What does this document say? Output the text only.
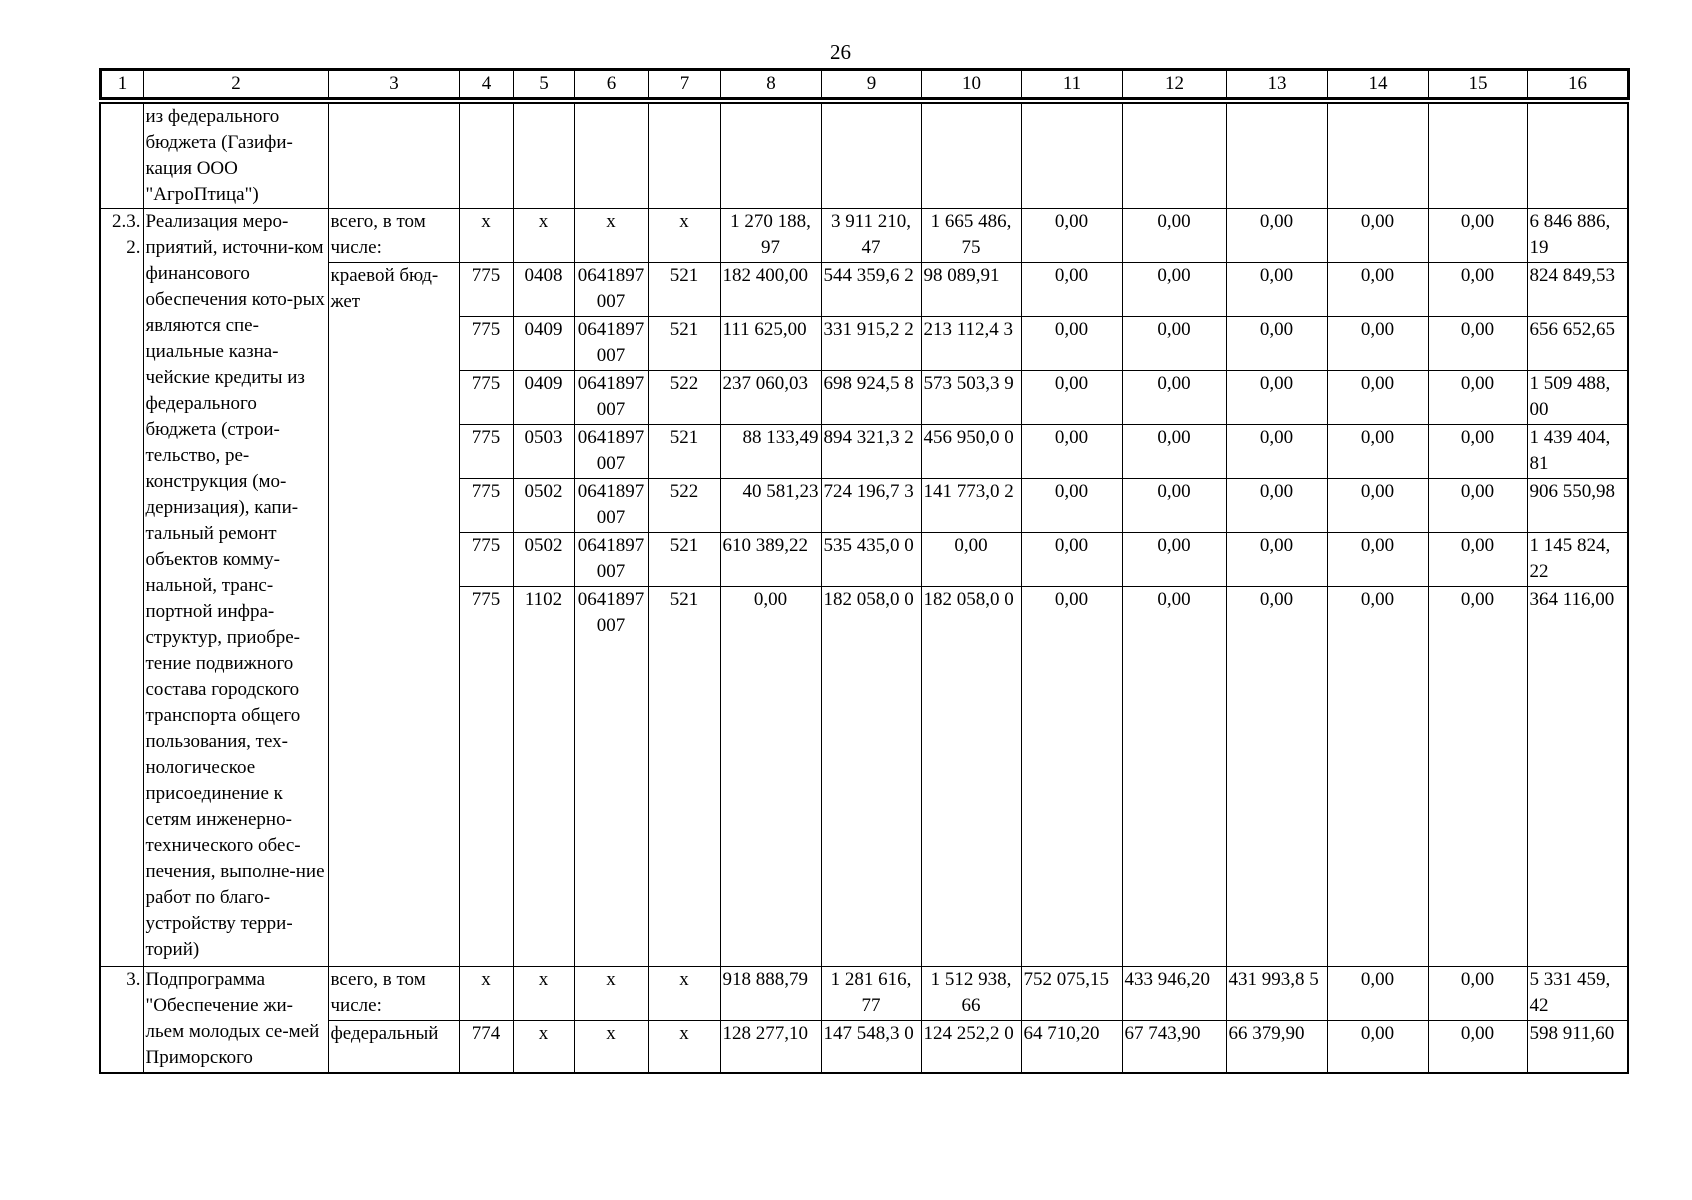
26
1	2	3	4	5	6	7	8	9	10	11	12	13	14	15	16
	из федерального бюджета (Газифи-кация ООО "АгроПтица")														
2.3. 2.	Реализация меро-приятий, источни-ком финансового обеспечения кото-рых являются спе-циальные казна-чейские кредиты из федерального бюджета (строи-тельство, ре-конструкция (мо-дернизация), капи-тальный ремонт объектов комму-нальной, транс-портной инфра-структур, приобре-тение подвижного состава городского транспорта общего пользования, тех-нологическое присоединение к сетям инженерно-технического обес-печения, выполне-ние работ по благо-устройству терри-торий)	всего, в том числе:	x	x	x	x	1 270 188, 97	3 911 210, 47	1 665 486, 75	0,00	0,00	0,00	0,00	0,00	6 846 886, 19
		краевой бюд-жет	775	0408	0641897 007	521	182 400,00	544 359,6 2	98 089,91	0,00	0,00	0,00	0,00	0,00	824 849,53
			775	0409	0641897 007	521	111 625,00	331 915,2 2	213 112,4 3	0,00	0,00	0,00	0,00	0,00	656 652,65
			775	0409	0641897 007	522	237 060,03	698 924,5 8	573 503,3 9	0,00	0,00	0,00	0,00	0,00	1 509 488, 00
			775	0503	0641897 007	521	88 133,49	894 321,3 2	456 950,0 0	0,00	0,00	0,00	0,00	0,00	1 439 404, 81
			775	0502	0641897 007	522	40 581,23	724 196,7 3	141 773,0 2	0,00	0,00	0,00	0,00	0,00	906 550,98
			775	0502	0641897 007	521	610 389,22	535 435,0 0	0,00	0,00	0,00	0,00	0,00	0,00	1 145 824, 22
			775	1102	0641897 007	521	0,00	182 058,0 0	182 058,0 0	0,00	0,00	0,00	0,00	0,00	364 116,00
3.	Подпрограмма "Обеспечение жи-льем молодых се-мей Приморского	всего, в том числе:	x	x	x	x	918 888,79	1 281 616, 77	1 512 938, 66	752 075,15	433 946,20	431 993,8 5	0,00	0,00	5 331 459, 42
		федеральный	774	x	x	x	128 277,10	147 548,3 0	124 252,2 0	64 710,20	67 743,90	66 379,90	0,00	0,00	598 911,60
